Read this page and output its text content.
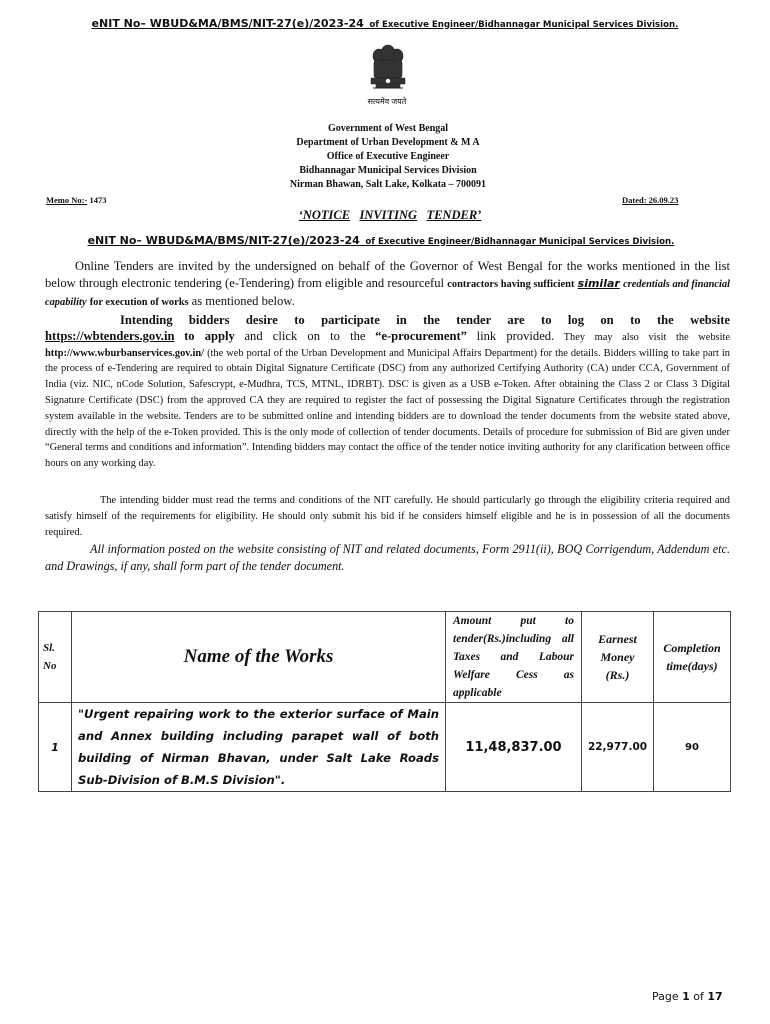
eNIT No– WBUD&MA/BMS/NIT-27(e)/2023-24 of Executive Engineer/Bidhannagar Municipal Services Division.
सत्यमेव जयते
Government of West Bengal
Department of Urban Development & M A
Office of Executive Engineer
Bidhannagar Municipal Services Division
Nirman Bhawan, Salt Lake, Kolkata – 700091
Memo No:- 1473	Dated: 26.09.23
‘NOTICE INVITING TENDER’
eNIT No– WBUD&MA/BMS/NIT-27(e)/2023-24 of Executive Engineer/Bidhannagar Municipal Services Division.
Online Tenders are invited by the undersigned on behalf of the Governor of West Bengal for the works mentioned in the list below through electronic tendering (e-Tendering) from eligible and resourceful contractors having sufficient similar credentials and financial capability for execution of works as mentioned below.
Intending bidders desire to participate in the tender are to log on to the website
https://wbtenders.gov.in to apply and click on to the “e-procurement” link provided. They may also visit the website http://www.wburbanservices.gov.in/ (the web portal of the Urban Development and Municipal Affairs Department) for the details. Bidders willing to take part in the process of e-Tendering are required to obtain Digital Signature Certificate (DSC) from any authorized Certifying Authority (CA) under CCA, Government of India (viz. NIC, nCode Solution, Safescrypt, e-Mudhra, TCS, MTNL, IDRBT). DSC is given as a USB e-Token. After obtaining the Class 2 or Class 3 Digital Signature Certificate (DSC) from the approved CA they are required to register the fact of possessing the Digital Signature Certificates through the registration system available in the website. Tenders are to be submitted online and intending bidders are to download the tender documents from the website stated above, directly with the help of the e-Token provided. This is the only mode of collection of tender documents. Details of procedure for submission of Bid are given under “General terms and conditions and information”. Intending bidders may contact the office of the tender notice inviting authority for any clarification between office hours on any working day.
The intending bidder must read the terms and conditions of the NIT carefully. He should particularly go through the eligibility criteria required and satisfy himself of the requirements for eligibility. He should only submit his bid if he considers himself eligible and he is in possession of all the documents required.
All information posted on the website consisting of NIT and related documents, Form 2911(ii), BOQ Corrigendum, Addendum etc. and Drawings, if any, shall form part of the tender document.
Sl. No	Name of the Works	Amount put to tender(Rs.)including all Taxes and Labour Welfare Cess as applicable	Earnest Money (Rs.)	Completion time(days)

1	"Urgent repairing work to the exterior surface of Main and Annex building including parapet wall of both building of Nirman Bhavan, under Salt Lake Roads Sub-Division of B.M.S Division".	11,48,837.00	22,977.00	90
Page 1 of 17
